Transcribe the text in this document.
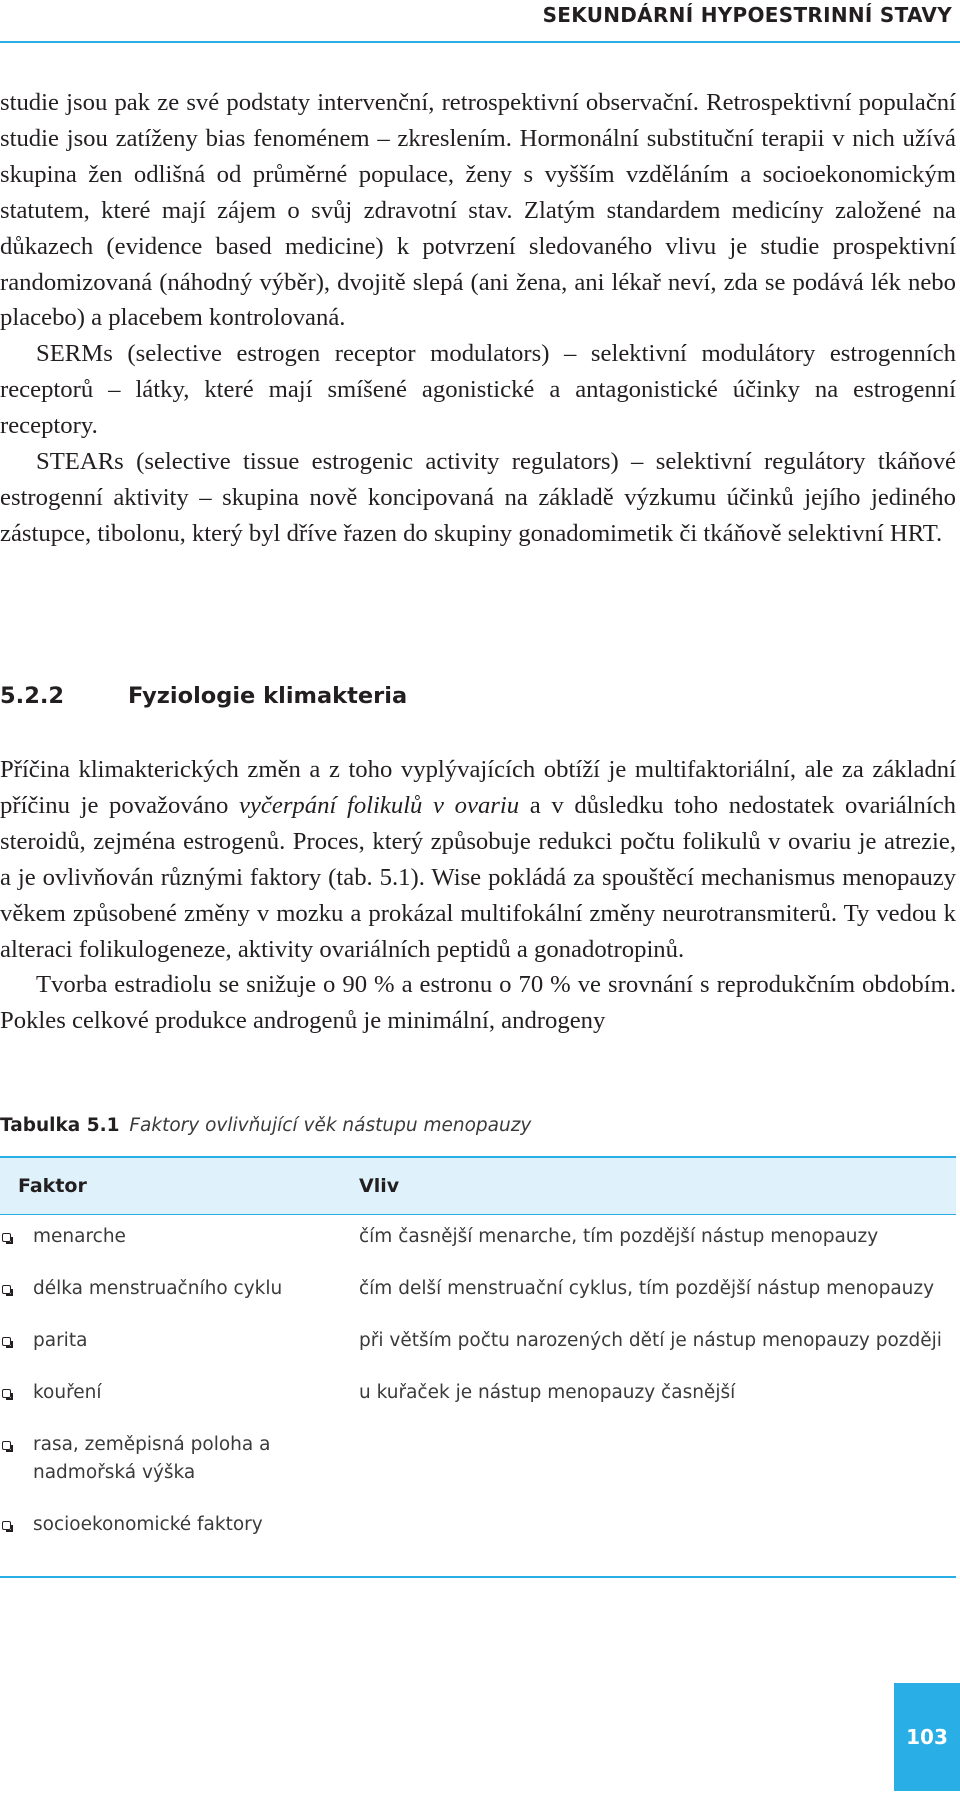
SEKUNDÁRNÍ HYPOESTRINNÍ STAVY

studie jsou pak ze své podstaty intervenční, retrospektivní observační. Retrospektivní populační studie jsou zatíženy bias fenoménem – zkreslením. Hormonální substituční terapii v nich užívá skupina žen odlišná od průměrné populace, ženy s vyšším vzděláním a socioekonomickým statutem, které mají zájem o svůj zdravotní stav. Zlatým standardem medicíny založené na důkazech (evidence based medicine) k potvrzení sledovaného vlivu je studie prospektivní randomizovaná (náhodný výběr), dvojitě slepá (ani žena, ani lékař neví, zda se podává lék nebo placebo) a placebem kontrolovaná.

SERMs (selective estrogen receptor modulators) – selektivní modulátory estrogenních receptorů – látky, které mají smíšené agonistické a antagonistické účinky na estrogenní receptory.

STEARs (selective tissue estrogenic activity regulators) – selektivní regulátory tkáňové estrogenní aktivity – skupina nově koncipovaná na základě výzkumu účinků jejího jediného zástupce, tibolonu, který byl dříve řazen do skupiny gonadomimetik či tkáňově selektivní HRT.

5.2.2	Fyziologie klimakteria

Příčina klimakterických změn a z toho vyplývajících obtíží je multifaktoriální, ale za základní příčinu je považováno vyčerpání folikulů v ovariu a v důsledku toho nedostatek ovariálních steroidů, zejména estrogenů. Proces, který způsobuje redukci počtu folikulů v ovariu je atrezie, a je ovlivňován různými faktory (tab. 5.1). Wise pokládá za spouštěcí mechanismus menopauzy věkem způsobené změny v mozku a prokázal multifokální změny neurotransmiterů. Ty vedou k alteraci folikulogeneze, aktivity ovariálních peptidů a gonadotropinů.

Tvorba estradiolu se snižuje o 90 % a estronu o 70 % ve srovnání s reprodukčním obdobím. Pokles celkové produkce androgenů je minimální, androgeny

Tabulka 5.1 Faktory ovlivňující věk nástupu menopauzy
Faktor	Vliv
menarche	čím časnější menarche, tím pozdější nástup menopauzy
délka menstruačního cyklu	čím delší menstruační cyklus, tím pozdější nástup menopauzy
parita	při větším počtu narozených dětí je nástup menopauzy později
kouření	u kuřaček je nástup menopauzy časnější
rasa, zeměpisná poloha a nadmořská výška
socioekonomické faktory
103
